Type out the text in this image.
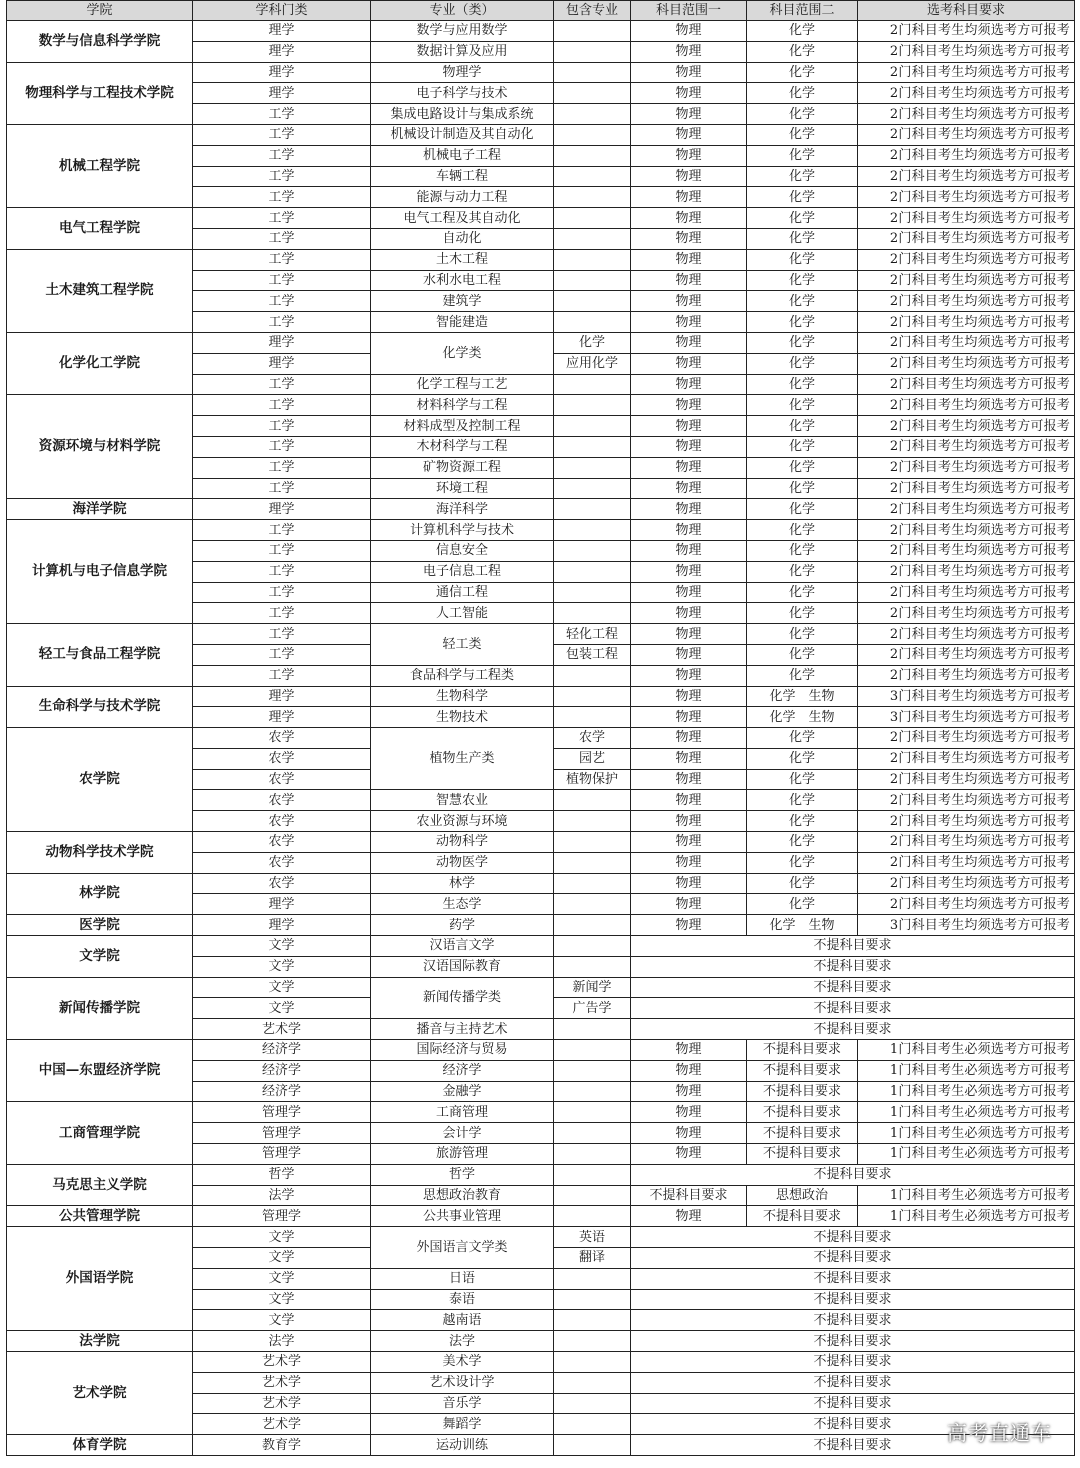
学院	学科门类	专业（类）	包含专业	科目范围一	科目范围二	选考科目要求
数学与信息科学学院	理学	数学与应用数学		物理	化学	2门科目考生均须选考方可报考
	理学	数据计算及应用		物理	化学	2门科目考生均须选考方可报考
物理科学与工程技术学院	理学	物理学		物理	化学	2门科目考生均须选考方可报考
	理学	电子科学与技术		物理	化学	2门科目考生均须选考方可报考
	工学	集成电路设计与集成系统		物理	化学	2门科目考生均须选考方可报考
机械工程学院	工学	机械设计制造及其自动化		物理	化学	2门科目考生均须选考方可报考
	工学	机械电子工程		物理	化学	2门科目考生均须选考方可报考
	工学	车辆工程		物理	化学	2门科目考生均须选考方可报考
	工学	能源与动力工程		物理	化学	2门科目考生均须选考方可报考
电气工程学院	工学	电气工程及其自动化		物理	化学	2门科目考生均须选考方可报考
	工学	自动化		物理	化学	2门科目考生均须选考方可报考
土木建筑工程学院	工学	土木工程		物理	化学	2门科目考生均须选考方可报考
	工学	水利水电工程		物理	化学	2门科目考生均须选考方可报考
	工学	建筑学		物理	化学	2门科目考生均须选考方可报考
	工学	智能建造		物理	化学	2门科目考生均须选考方可报考
化学化工学院	理学	化学类	化学	物理	化学	2门科目考生均须选考方可报考
	理学		应用化学	物理	化学	2门科目考生均须选考方可报考
	工学	化学工程与工艺		物理	化学	2门科目考生均须选考方可报考
资源环境与材料学院	工学	材料科学与工程		物理	化学	2门科目考生均须选考方可报考
	工学	材料成型及控制工程		物理	化学	2门科目考生均须选考方可报考
	工学	木材科学与工程		物理	化学	2门科目考生均须选考方可报考
	工学	矿物资源工程		物理	化学	2门科目考生均须选考方可报考
	工学	环境工程		物理	化学	2门科目考生均须选考方可报考
海洋学院	理学	海洋科学		物理	化学	2门科目考生均须选考方可报考
计算机与电子信息学院	工学	计算机科学与技术		物理	化学	2门科目考生均须选考方可报考
	工学	信息安全		物理	化学	2门科目考生均须选考方可报考
	工学	电子信息工程		物理	化学	2门科目考生均须选考方可报考
	工学	通信工程		物理	化学	2门科目考生均须选考方可报考
	工学	人工智能		物理	化学	2门科目考生均须选考方可报考
轻工与食品工程学院	工学	轻工类	轻化工程	物理	化学	2门科目考生均须选考方可报考
	工学		包装工程	物理	化学	2门科目考生均须选考方可报考
	工学	食品科学与工程类		物理	化学	2门科目考生均须选考方可报考
生命科学与技术学院	理学	生物科学		物理	化学　生物	3门科目考生均须选考方可报考
	理学	生物技术		物理	化学　生物	3门科目考生均须选考方可报考
农学院	农学	植物生产类	农学	物理	化学	2门科目考生均须选考方可报考
	农学		园艺	物理	化学	2门科目考生均须选考方可报考
	农学		植物保护	物理	化学	2门科目考生均须选考方可报考
	农学	智慧农业		物理	化学	2门科目考生均须选考方可报考
	农学	农业资源与环境		物理	化学	2门科目考生均须选考方可报考
动物科学技术学院	农学	动物科学		物理	化学	2门科目考生均须选考方可报考
	农学	动物医学		物理	化学	2门科目考生均须选考方可报考
林学院	农学	林学		物理	化学	2门科目考生均须选考方可报考
	理学	生态学		物理	化学	2门科目考生均须选考方可报考
医学院	理学	药学		物理	化学　生物	3门科目考生均须选考方可报考
文学院	文学	汉语言文学		不提科目要求		
	文学	汉语国际教育		不提科目要求		
新闻传播学院	文学	新闻传播学类	新闻学	不提科目要求		
	文学		广告学	不提科目要求		
	艺术学	播音与主持艺术		不提科目要求		
中国—东盟经济学院	经济学	国际经济与贸易		物理	不提科目要求	1门科目考生必须选考方可报考
	经济学	经济学		物理	不提科目要求	1门科目考生必须选考方可报考
	经济学	金融学		物理	不提科目要求	1门科目考生必须选考方可报考
工商管理学院	管理学	工商管理		物理	不提科目要求	1门科目考生必须选考方可报考
	管理学	会计学		物理	不提科目要求	1门科目考生必须选考方可报考
	管理学	旅游管理		物理	不提科目要求	1门科目考生必须选考方可报考
马克思主义学院	哲学	哲学		不提科目要求		
	法学	思想政治教育		不提科目要求	思想政治	1门科目考生必须选考方可报考
公共管理学院	管理学	公共事业管理		物理	不提科目要求	1门科目考生必须选考方可报考
外国语学院	文学	外国语言文学类	英语	不提科目要求		
	文学		翻译	不提科目要求		
	文学	日语		不提科目要求		
	文学	泰语		不提科目要求		
	文学	越南语		不提科目要求		
法学院	法学	法学		不提科目要求		
艺术学院	艺术学	美术学		不提科目要求		
	艺术学	艺术设计学		不提科目要求		
	艺术学	音乐学		不提科目要求		
	艺术学	舞蹈学		不提科目要求		
体育学院	教育学	运动训练		不提科目要求		
高考直通车
